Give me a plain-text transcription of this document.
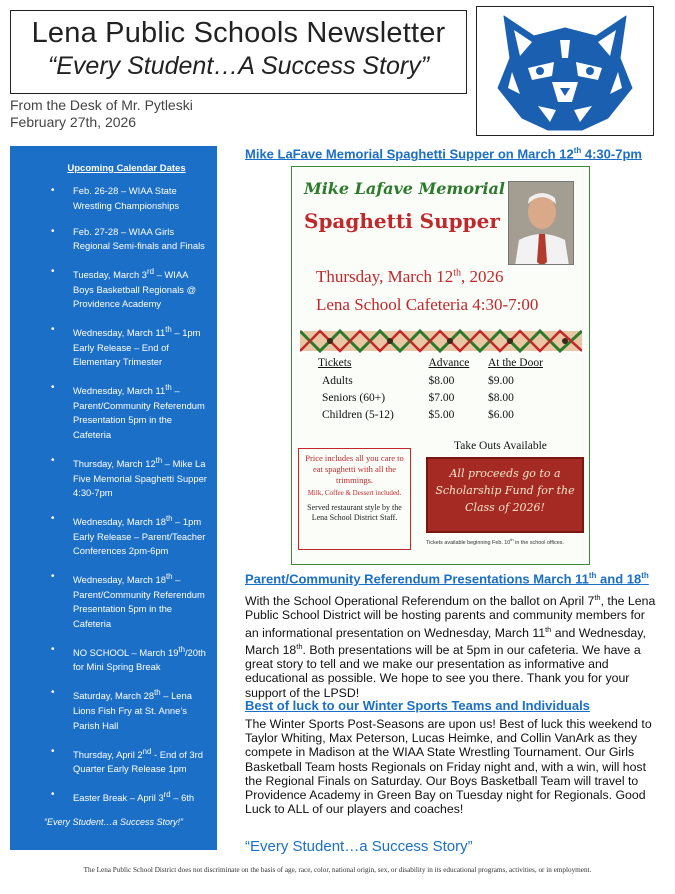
Lena Public Schools Newsletter
“Every Student…A Success Story”
From the Desk of Mr. Pytleski
February 27th, 2026
Upcoming Calendar Dates
• Feb. 26-28 – WIAA State Wrestling Championships
• Feb. 27-28 – WIAA Girls Regional Semi-finals and Finals
• Tuesday, March 3rd – WIAA Boys Basketball Regionals @ Providence Academy
• Wednesday, March 11th – 1pm Early Release – End of Elementary Trimester
• Wednesday, March 11th – Parent/Community Referendum Presentation 5pm in the Cafeteria
• Thursday, March 12th – Mike La Five Memorial Spaghetti Supper 4:30-7pm
• Wednesday, March 18th – 1pm Early Release – Parent/Teacher Conferences 2pm-6pm
• Wednesday, March 18th – Parent/Community Referendum Presentation 5pm in the Cafeteria
• NO SCHOOL – March 19th/20th for Mini Spring Break
• Saturday, March 28th – Lena Lions Fish Fry at St. Anne’s Parish Hall
• Thursday, April 2nd - End of 3rd Quarter Early Release 1pm
• Easter Break – April 3rd – 6th
“Every Student…a Success Story!”
Mike LaFave Memorial Spaghetti Supper on March 12th 4:30-7pm
Mike Lafave Memorial
Spaghetti Supper
Thursday, March 12th, 2026
Lena School Cafeteria 4:30-7:00
Tickets	Advance	At the Door
Adults	$8.00	$9.00
Seniors (60+)	$7.00	$8.00
Children (5-12)	$5.00	$6.00
Take Outs Available
Price includes all you care to eat spaghetti with all the trimmings.
Milk, Coffee & Dessert included.
Served restaurant style by the Lena School District Staff.
All proceeds go to a Scholarship Fund for the Class of 2026!
Tickets available beginning Feb. 10th in the school offices.
Parent/Community Referendum Presentations March 11th and 18th
With the School Operational Referendum on the ballot on April 7th, the Lena Public School District will be hosting parents and community members for an informational presentation on Wednesday, March 11th and Wednesday, March 18th. Both presentations will be at 5pm in our cafeteria. We have a great story to tell and we make our presentation as informative and educational as possible. We hope to see you there. Thank you for your support of the LPSD!
Best of luck to our Winter Sports Teams and Individuals
The Winter Sports Post-Seasons are upon us! Best of luck this weekend to Taylor Whiting, Max Peterson, Lucas Heimke, and Collin VanArk as they compete in Madison at the WIAA State Wrestling Tournament. Our Girls Basketball Team hosts Regionals on Friday night and, with a win, will host the Regional Finals on Saturday. Our Boys Basketball Team will travel to Providence Academy in Green Bay on Tuesday night for Regionals. Good Luck to ALL of our players and coaches!
“Every Student…a Success Story”
The Lena Public School District does not discriminate on the basis of age, race, color, national origin, sex, or disability in its educational programs, activities, or in employment.
